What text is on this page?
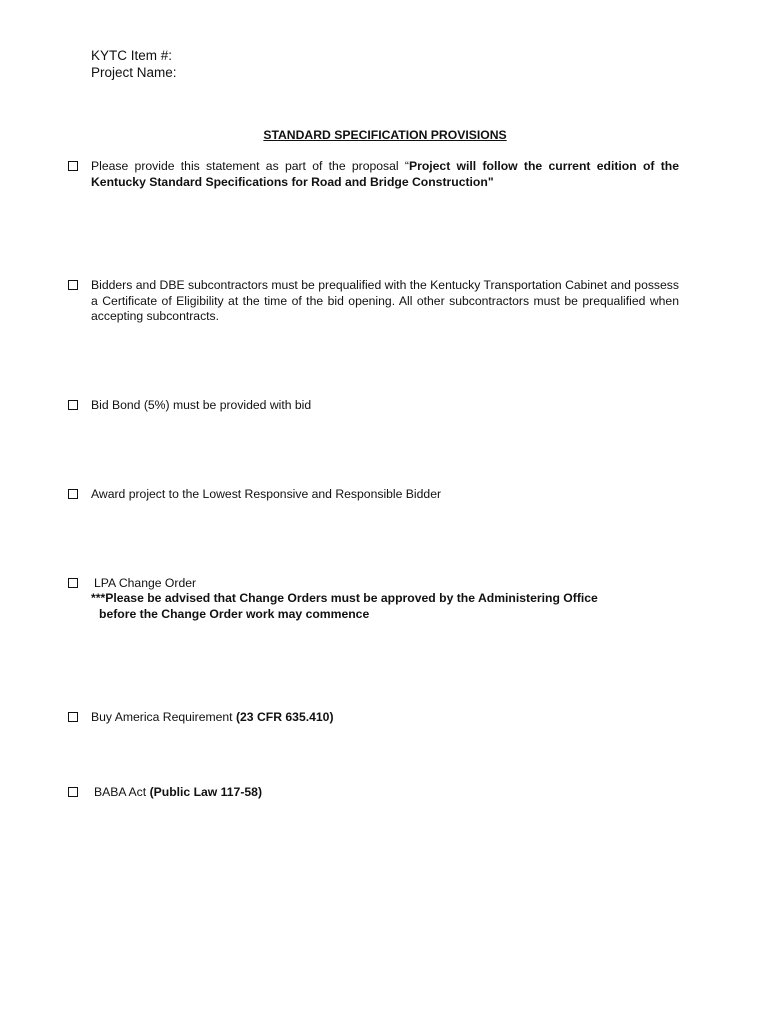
KYTC Item #:
Project Name:
STANDARD SPECIFICATION PROVISIONS
Please provide this statement as part of the proposal “Project will follow the current edition of the Kentucky Standard Specifications for Road and Bridge Construction"
Bidders and DBE subcontractors must be prequalified with the Kentucky Transportation Cabinet and possess a Certificate of Eligibility at the time of the bid opening. All other subcontractors must be prequalified when accepting subcontracts.
Bid Bond (5%) must be provided with bid
Award project to the Lowest Responsive and Responsible Bidder
LPA Change Order
***Please be advised that Change Orders must be approved by the Administering Office
before the Change Order work may commence
Buy America Requirement (23 CFR 635.410)
BABA Act (Public Law 117-58)
